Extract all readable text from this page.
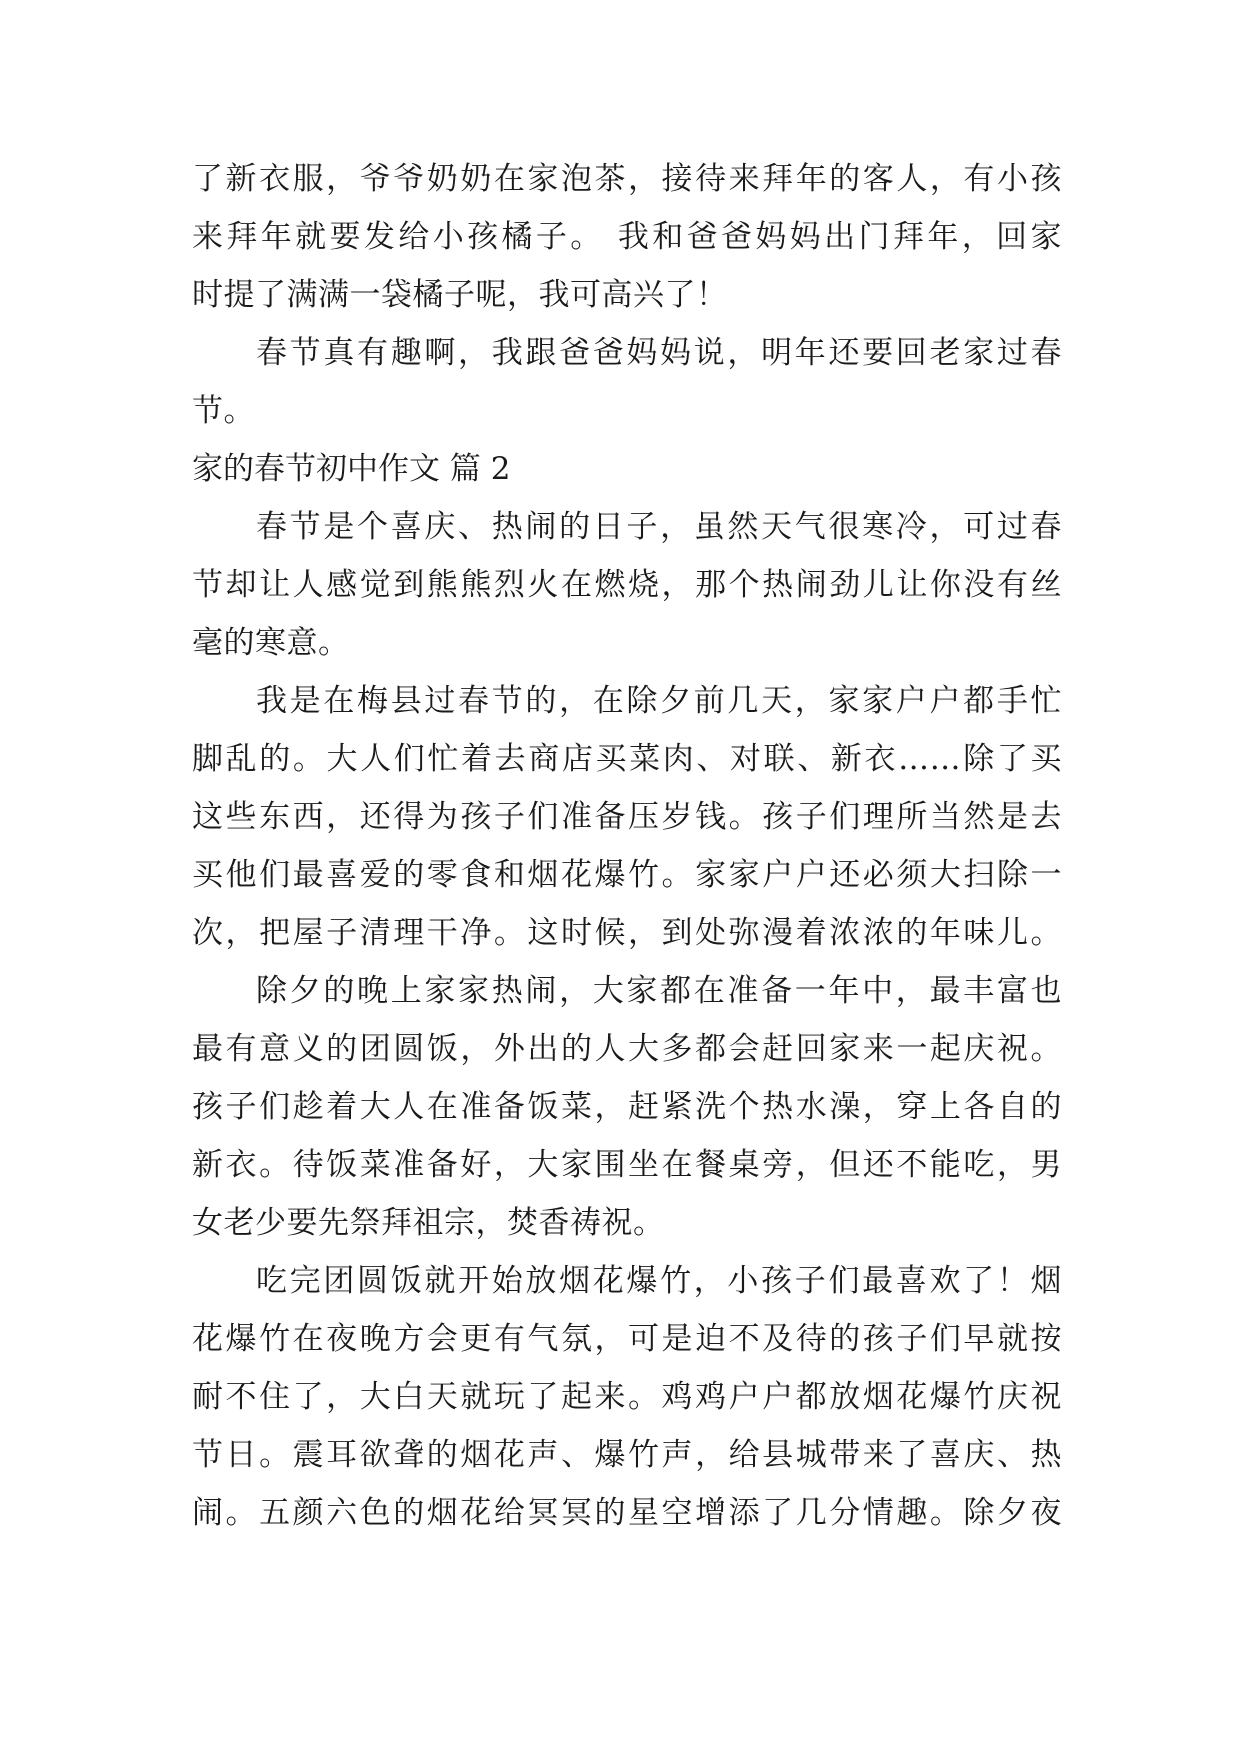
了新衣服，爷爷奶奶在家泡茶，接待来拜年的客人，有小孩
来拜年就要发给小孩橘子。 我和爸爸妈妈出门拜年，回家
时提了满满一袋橘子呢，我可高兴了！
春节真有趣啊，我跟爸爸妈妈说，明年还要回老家过春
节。
家的春节初中作文 篇 2
春节是个喜庆、热闹的日子，虽然天气很寒冷，可过春
节却让人感觉到熊熊烈火在燃烧，那个热闹劲儿让你没有丝
毫的寒意。
我是在梅县过春节的，在除夕前几天，家家户户都手忙
脚乱的。大人们忙着去商店买菜肉、对联、新衣……除了买
这些东西，还得为孩子们准备压岁钱。孩子们理所当然是去
买他们最喜爱的零食和烟花爆竹。家家户户还必须大扫除一
次，把屋子清理干净。这时候，到处弥漫着浓浓的年味儿。
除夕的晚上家家热闹，大家都在准备一年中，最丰富也
最有意义的团圆饭，外出的人大多都会赶回家来一起庆祝。
孩子们趁着大人在准备饭菜，赶紧洗个热水澡，穿上各自的
新衣。待饭菜准备好，大家围坐在餐桌旁，但还不能吃，男
女老少要先祭拜祖宗，焚香祷祝。
吃完团圆饭就开始放烟花爆竹，小孩子们最喜欢了！烟
花爆竹在夜晚方会更有气氛，可是迫不及待的孩子们早就按
耐不住了，大白天就玩了起来。鸡鸡户户都放烟花爆竹庆祝
节日。震耳欲聋的烟花声、爆竹声，给县城带来了喜庆、热
闹。五颜六色的烟花给冥冥的星空增添了几分情趣。除夕夜
